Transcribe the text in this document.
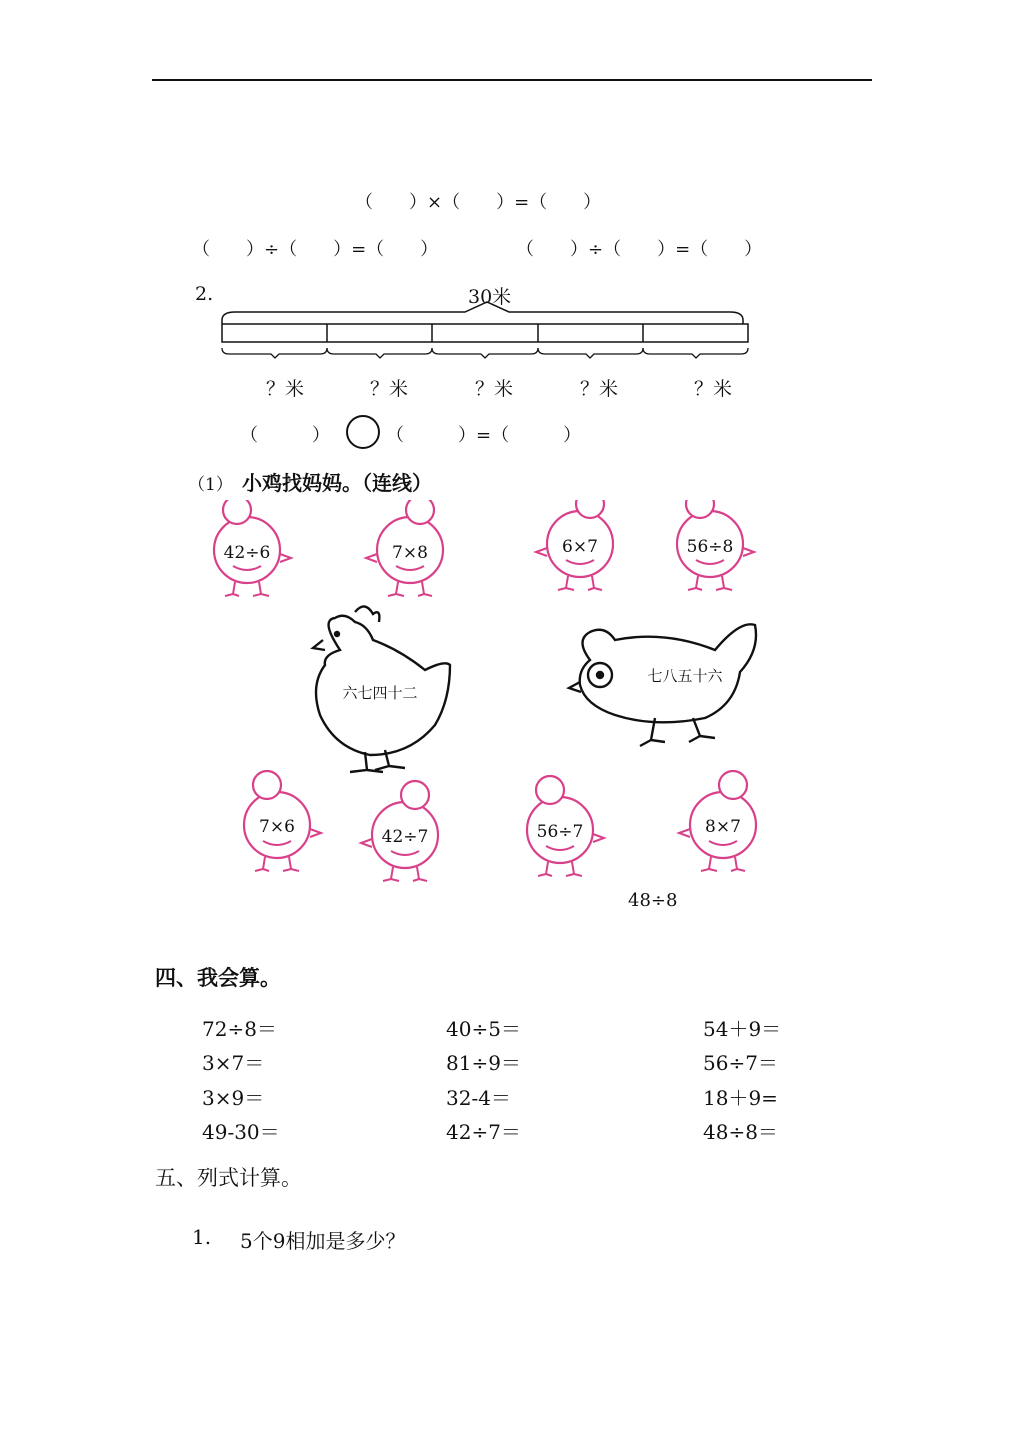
（　　）×（　　）=（　　）
（　　）÷（　　）=（　　）	（　　）÷（　　）=（　　）
2.	30米
？米	？米	？米	？米	？米
（　　　）	（　　　）=（　　　）
（1） 小鸡找妈妈。（连线）
42÷6	7×8	6×7	56÷8
六七四十二
七八五十六
7×6	42÷7	56÷7	8×7
48÷8
四、我会算。
72÷8＝	40÷5＝	54＋9＝
3×7＝	81÷9＝	56÷7＝
3×9＝	32-4＝	18＋9=
49-30＝	42÷7＝	48÷8＝
五、列式计算。
1. 5个9相加是多少？
